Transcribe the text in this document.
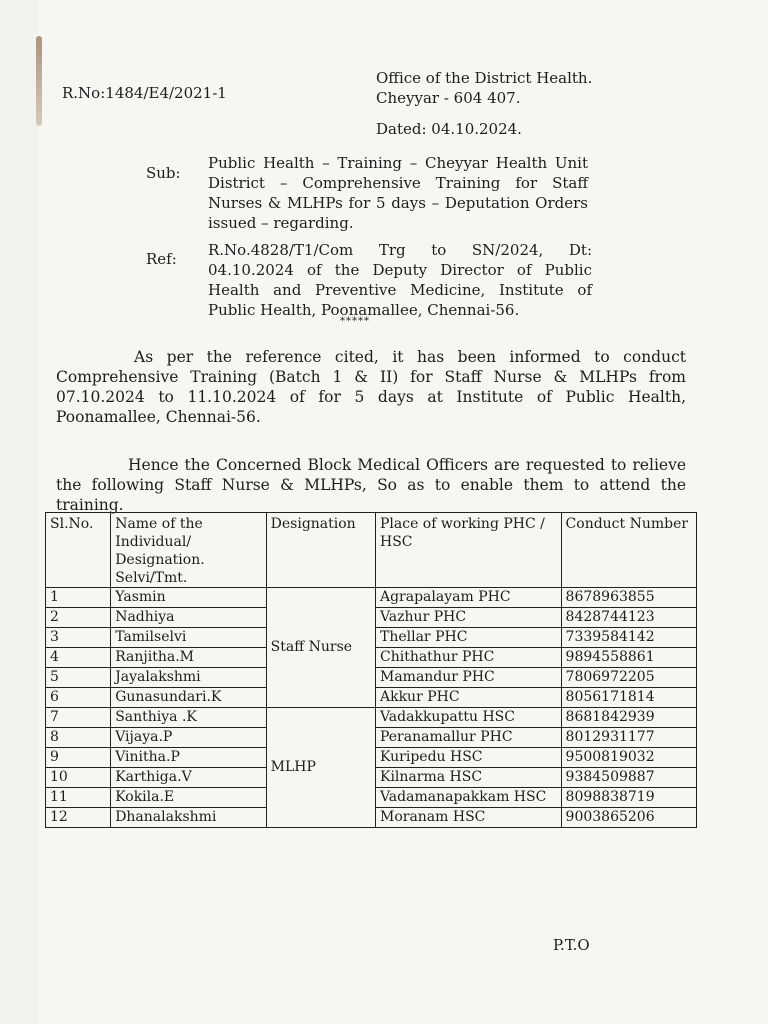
R.No:1484/E4/2021-1
Office of the District Health.
Cheyyar - 604 407.
Dated: 04.10.2024.
Sub:
Public Health – Training – Cheyyar Health Unit District – Comprehensive Training for Staff Nurses & MLHPs for 5 days – Deputation Orders issued – regarding.
Ref: R.No.4828/T1/Com Trg to SN/2024, Dt: 04.10.2024 of the Deputy Director of Public Health and Preventive Medicine, Institute of Public Health, Poonamallee, Chennai-56.
*****
As per the reference cited, it has been informed to conduct Comprehensive Training (Batch 1 & II) for Staff Nurse & MLHPs from 07.10.2024 to 11.10.2024 of for 5 days at Institute of Public Health, Poonamallee, Chennai-56.
Hence the Concerned Block Medical Officers are requested to relieve the following Staff Nurse & MLHPs, So as to enable them to attend the training.
Sl.No.	Name of the Individual/ Designation. Selvi/Tmt.	Designation	Place of working PHC / HSC	Conduct Number
1	Yasmin	Staff Nurse	Agrapalayam PHC	8678963855
2	Nadhiya		Vazhur PHC	8428744123
3	Tamilselvi		Thellar PHC	7339584142
4	Ranjitha.M		Chithathur PHC	9894558861
5	Jayalakshmi		Mamandur PHC	7806972205
6	Gunasundari.K		Akkur PHC	8056171814
7	Santhiya .K	MLHP	Vadakkupattu HSC	8681842939
8	Vijaya.P		Peranamallur PHC	8012931177
9	Vinitha.P		Kuripedu HSC	9500819032
10	Karthiga.V		Kilnarma HSC	9384509887
11	Kokila.E		Vadamanapakkam HSC	8098838719
12	Dhanalakshmi		Moranam HSC	9003865206
P.T.O
